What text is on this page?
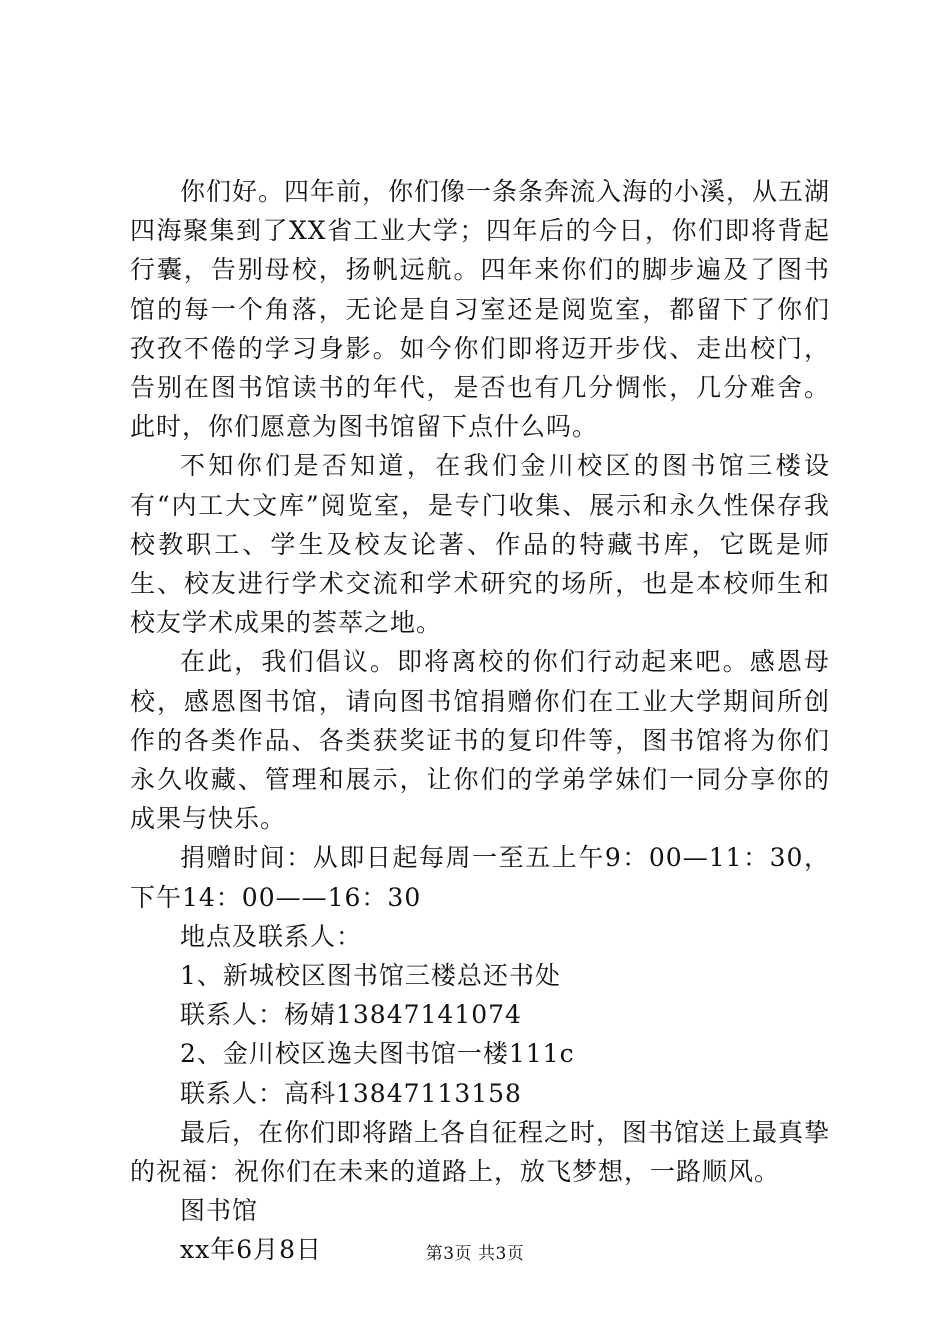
你们好。四年前，你们像一条条奔流入海的小溪，从五湖四海聚集到了XX省工业大学；四年后的今日，你们即将背起行囊，告别母校，扬帆远航。四年来你们的脚步遍及了图书馆的每一个角落，无论是自习室还是阅览室，都留下了你们孜孜不倦的学习身影。如今你们即将迈开步伐、走出校门，告别在图书馆读书的年代，是否也有几分惆怅，几分难舍。此时，你们愿意为图书馆留下点什么吗。

不知你们是否知道，在我们金川校区的图书馆三楼设有“内工大文库”阅览室，是专门收集、展示和永久性保存我校教职工、学生及校友论著、作品的特藏书库，它既是师生、校友进行学术交流和学术研究的场所，也是本校师生和校友学术成果的荟萃之地。

在此，我们倡议。即将离校的你们行动起来吧。感恩母校，感恩图书馆，请向图书馆捐赠你们在工业大学期间所创作的各类作品、各类获奖证书的复印件等，图书馆将为你们永久收藏、管理和展示，让你们的学弟学妹们一同分享你的成果与快乐。

捐赠时间：从即日起每周一至五上午9：00—11：30，下午14：00——16：30

地点及联系人：

1、新城校区图书馆三楼总还书处

联系人：杨婧13847141074

2、金川校区逸夫图书馆一楼111c

联系人：高科13847113158

最后，在你们即将踏上各自征程之时，图书馆送上最真挚的祝福：祝你们在未来的道路上，放飞梦想，一路顺风。

图书馆

xx年6月8日	第3页 共3页
